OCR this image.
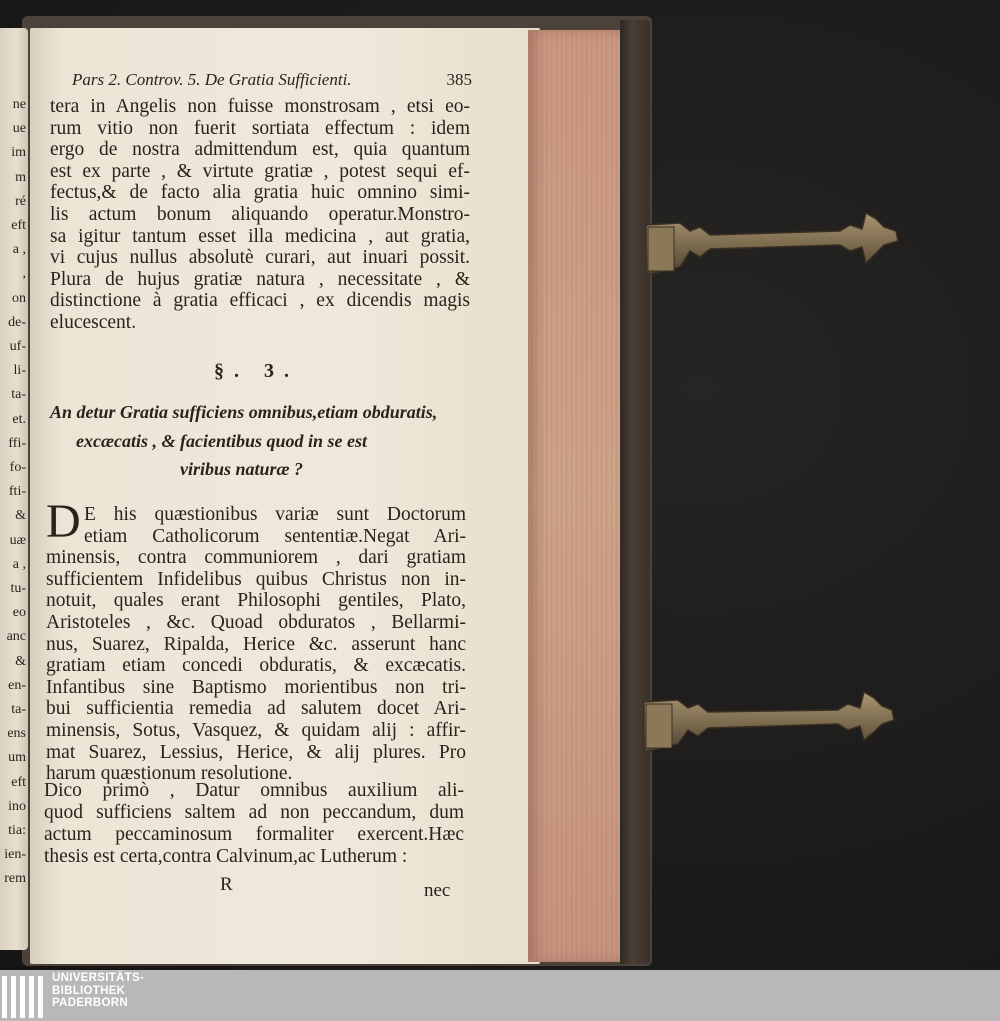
ne
ue
im
m
ré
eft
a ,
,
on
de-
uf-
li-
ta-
et.
ffi-
fo-
fti-
&
uæ
a ,
tu-
eo
anc
&
en-
ta-
ens
um
eft
ino
tia:
ien-
rem
Pars 2. Controv. 5. De Gratia Sufficienti.	385
tera in Angelis non fuisse monstrosam , etsi eo-
rum vitio non fuerit sortiata effectum : idem
ergo de nostra admittendum est, quia quantum
est ex parte , & virtute gratiæ , potest sequi ef-
fectus,& de facto alia gratia huic omnino simi-
lis actum bonum aliquando operatur.Monstro-
sa igitur tantum esset illa medicina , aut gratia,
vi cujus nullus absolutè curari, aut inuari possit.
Plura de hujus gratiæ natura , necessitate , &
distinctione à gratia efficaci , ex dicendis magis
elucescent.
§. 3.
An detur Gratia sufficiens omnibus,etiam obduratis,
excæcatis , & facientibus quod in se est
viribus naturæ ?
D E his quæstionibus variæ sunt Doctorum
etiam Catholicorum sententiæ.Negat Ari-
minensis, contra communiorem , dari gratiam
sufficientem Infidelibus quibus Christus non in-
notuit, quales erant Philosophi gentiles, Plato,
Aristoteles , &c. Quoad obduratos , Bellarmi-
nus, Suarez, Ripalda, Herice &c. asserunt hanc
gratiam etiam concedi obduratis, & excæcatis.
Infantibus sine Baptismo morientibus non tri-
bui sufficientia remedia ad salutem docet Ari-
minensis, Sotus, Vasquez, & quidam alij : affir-
mat Suarez, Lessius, Herice, & alij plures. Pro
harum quæstionum resolutione.
Dico primò , Datur omnibus auxilium ali-
quod sufficiens saltem ad non peccandum, dum
actum peccaminosum formaliter exercent.Hæc
thesis est certa,contra Calvinum,ac Lutherum :
R	nec
UNIVERSITÄTS-
BIBLIOTHEK
PADERBORN
